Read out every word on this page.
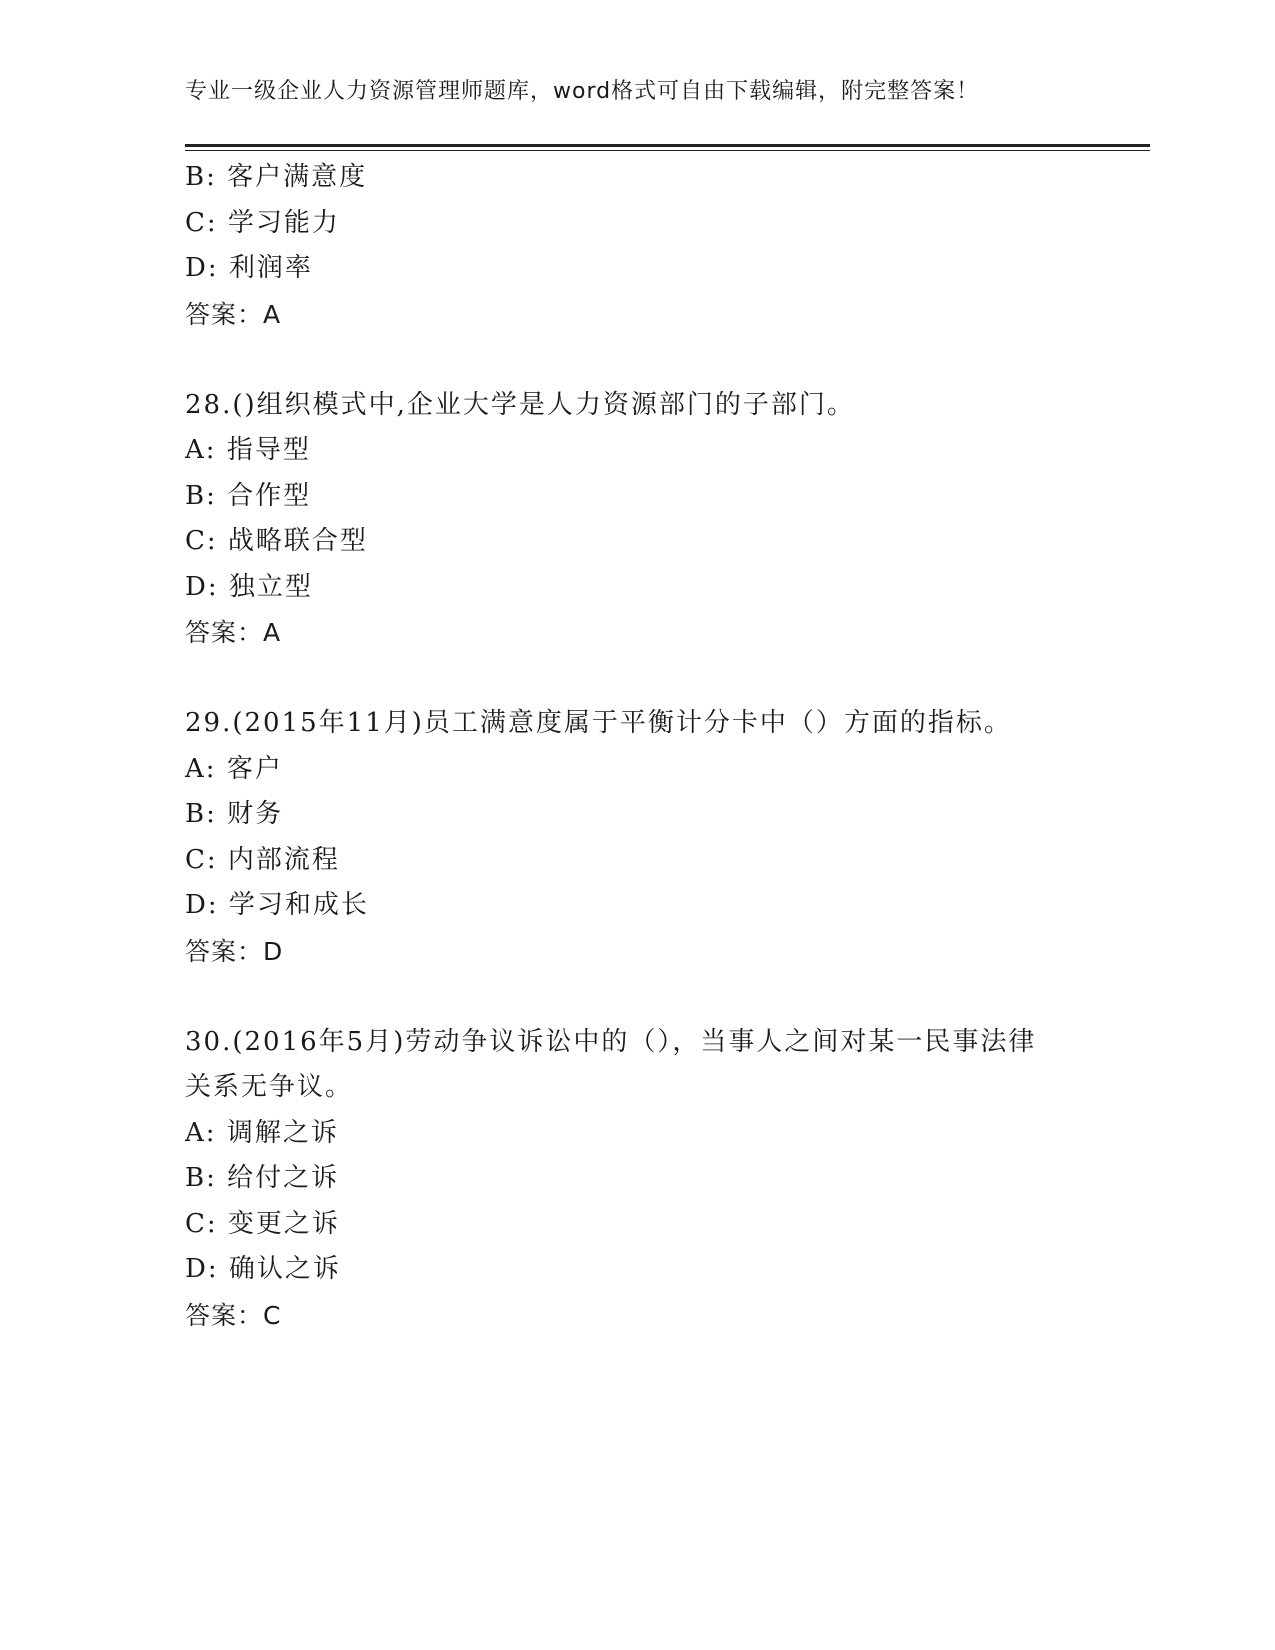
专业一级企业人力资源管理师题库，word格式可自由下载编辑，附完整答案！
B: 客户满意度
C: 学习能力
D: 利润率
答案：A
28.()组织模式中,企业大学是人力资源部门的子部门。
A: 指导型
B: 合作型
C: 战略联合型
D: 独立型
答案：A
29.(2015年11月)员工满意度属于平衡计分卡中（）方面的指标。
A: 客户
B: 财务
C: 内部流程
D: 学习和成长
答案：D
30.(2016年5月)劳动争议诉讼中的（），当事人之间对某一民事法律
关系无争议。
A: 调解之诉
B: 给付之诉
C: 变更之诉
D: 确认之诉
答案：C
